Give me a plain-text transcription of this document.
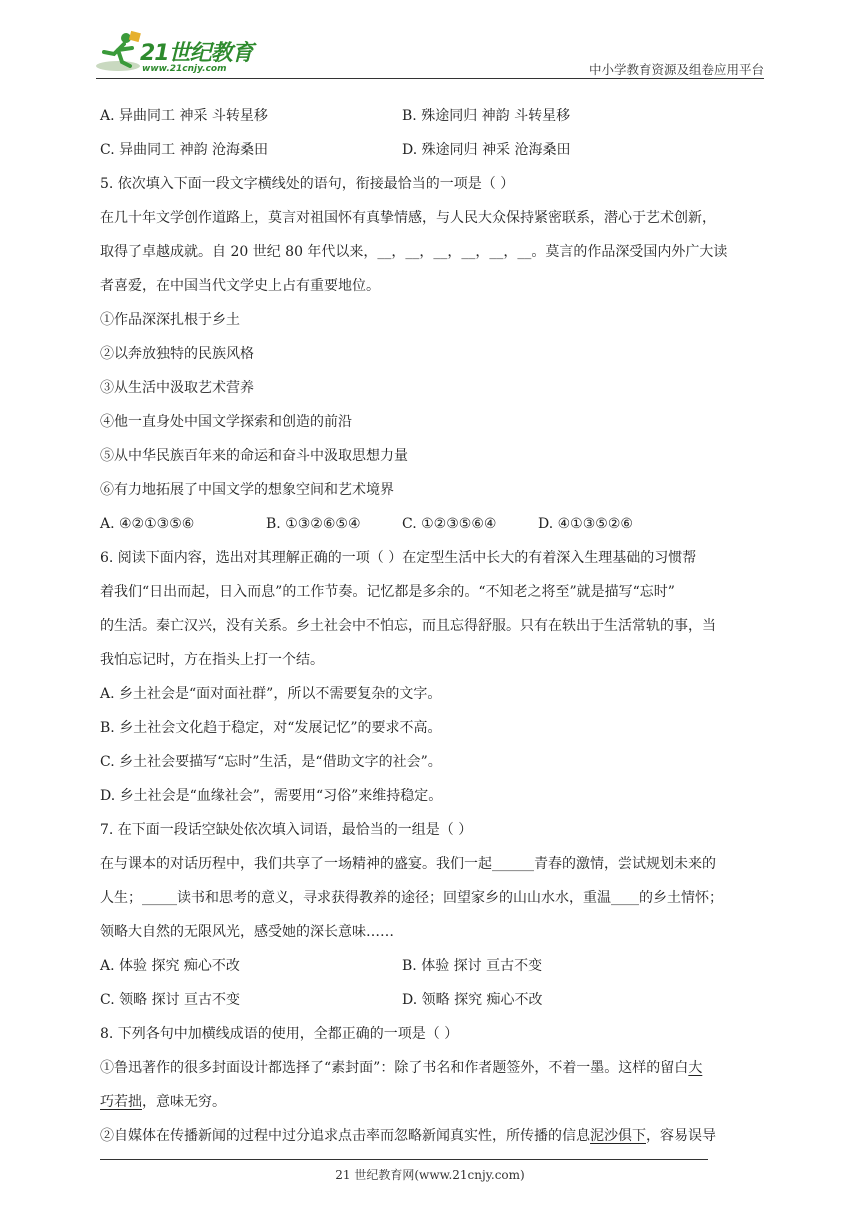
21世纪教育
www.21cnjy.com	中小学教育资源及组卷应用平台
A. 异曲同工 神采 斗转星移	B. 殊途同归 神韵 斗转星移
C. 异曲同工 神韵 沧海桑田	D. 殊途同归 神采 沧海桑田
5. 依次填入下面一段文字横线处的语句，衔接最恰当的一项是（ ）
在几十年文学创作道路上，莫言对祖国怀有真挚情感，与人民大众保持紧密联系，潜心于艺术创新，
取得了卓越成就。自 20 世纪 80 年代以来，__，__，__，__，__，__。莫言的作品深受国内外广大读
者喜爱，在中国当代文学史上占有重要地位。
①作品深深扎根于乡土
②以奔放独特的民族风格
③从生活中汲取艺术营养
④他一直身处中国文学探索和创造的前沿
⑤从中华民族百年来的命运和奋斗中汲取思想力量
⑥有力地拓展了中国文学的想象空间和艺术境界
A. ④②①③⑤⑥	B. ①③②⑥⑤④	C. ①②③⑤⑥④	D. ④①③⑤②⑥
6. 阅读下面内容，选出对其理解正确的一项（ ）在定型生活中长大的有着深入生理基础的习惯帮
着我们“日出而起，日入而息”的工作节奏。记忆都是多余的。“不知老之将至”就是描写“忘时”
的生活。秦亡汉兴，没有关系。乡土社会中不怕忘，而且忘得舒服。只有在轶出于生活常轨的事，当
我怕忘记时，方在指头上打一个结。
A. 乡土社会是“面对面社群”，所以不需要复杂的文字。
B. 乡土社会文化趋于稳定，对“发展记忆”的要求不高。
C. 乡土社会要描写“忘时”生活，是“借助文字的社会”。
D. 乡土社会是“血缘社会”，需要用“习俗”来维持稳定。
7. 在下面一段话空缺处依次填入词语，最恰当的一组是（ ）
在与课本的对话历程中，我们共享了一场精神的盛宴。我们一起______青春的激情，尝试规划未来的
人生；_____读书和思考的意义，寻求获得教养的途径；回望家乡的山山水水，重温____的乡土情怀；
领略大自然的无限风光，感受她的深长意味……
A. 体验 探究 痴心不改	B. 体验 探讨 亘古不变
C. 领略 探讨 亘古不变	D. 领略 探究 痴心不改
8. 下列各句中加横线成语的使用，全都正确的一项是（ ）
①鲁迅著作的很多封面设计都选择了“素封面”：除了书名和作者题签外，不着一墨。这样的留白大
巧若拙，意味无穷。
②自媒体在传播新闻的过程中过分追求点击率而忽略新闻真实性，所传播的信息泥沙俱下，容易误导
21 世纪教育网(www.21cnjy.com)
